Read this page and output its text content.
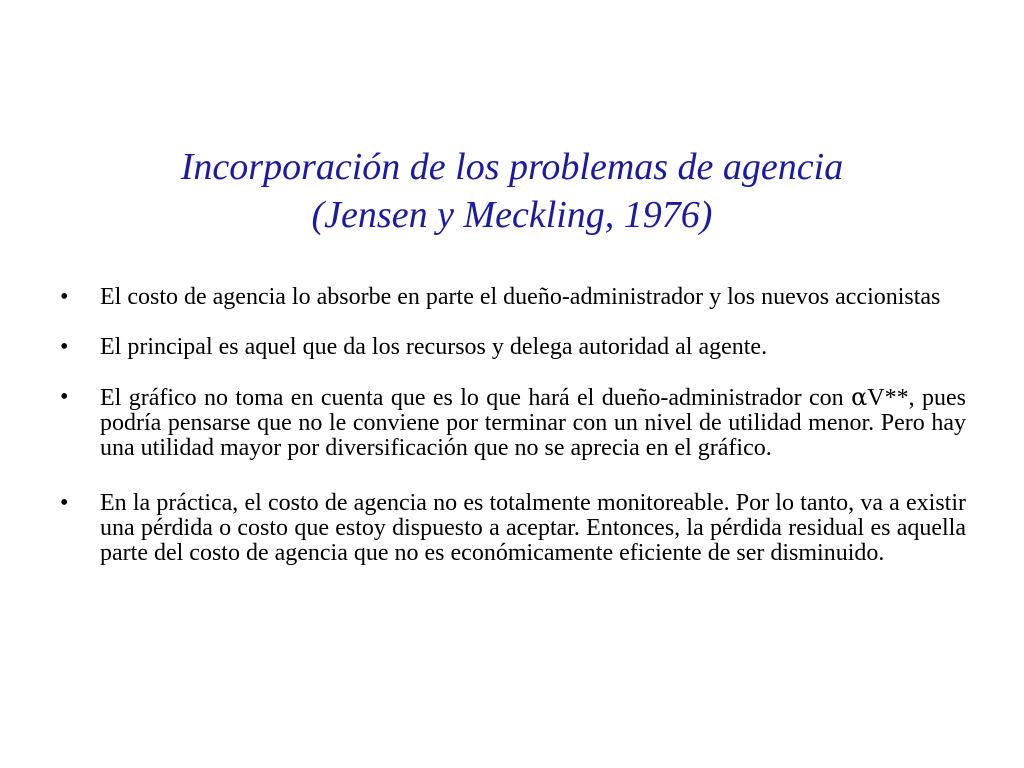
Incorporación de los problemas de agencia
(Jensen y Meckling, 1976)
•	El costo de agencia lo absorbe en parte el dueño-administrador y los nuevos accionistas
•	El principal es aquel que da los recursos y delega autoridad al agente.
•	El gráfico no toma en cuenta que es lo que hará el dueño-administrador con αV**, pues podría pensarse que no le conviene por terminar con un nivel de utilidad menor. Pero hay una utilidad mayor por diversificación que no se aprecia en el gráfico.
•	En la práctica, el costo de agencia no es totalmente monitoreable. Por lo tanto, va a existir una pérdida o costo que estoy dispuesto a aceptar. Entonces, la pérdida residual es aquella parte del costo de agencia que no es económicamente eficiente de ser disminuido.
